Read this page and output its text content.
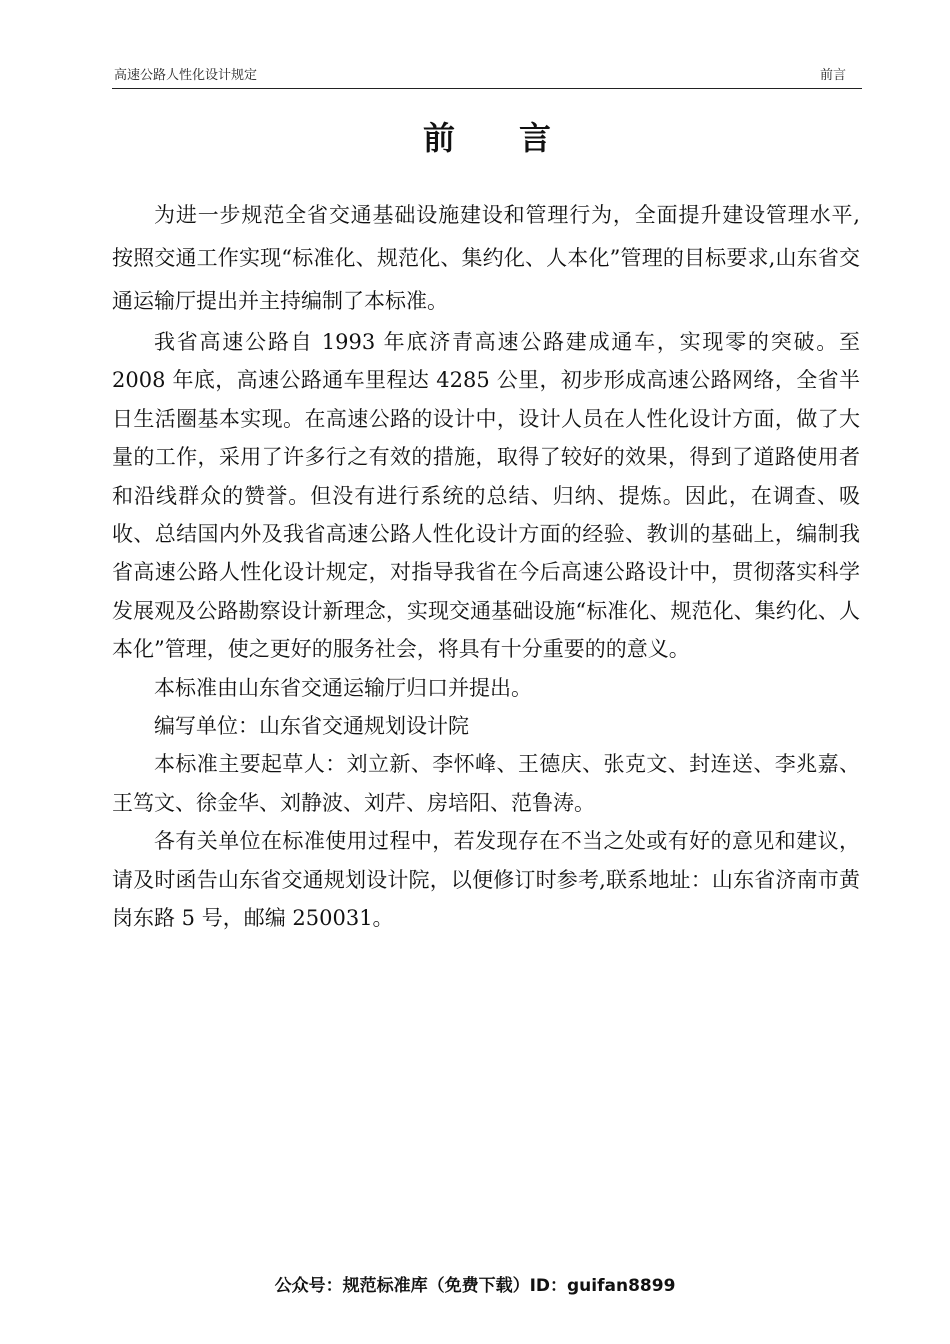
高速公路人性化设计规定	前言
前言

为进一步规范全省交通基础设施建设和管理行为，全面提升建设管理水平, 按照交通工作实现“标准化、规范化、集约化、人本化”管理的目标要求,山东省交通运输厅提出并主持编制了本标准。

我省高速公路自 1993 年底济青高速公路建成通车，实现零的突破。至 2008 年底，高速公路通车里程达 4285 公里，初步形成高速公路网络，全省半日生活圈基本实现。在高速公路的设计中，设计人员在人性化设计方面，做了大量的工作，采用了许多行之有效的措施，取得了较好的效果，得到了道路使用者和沿线群众的赞誉。但没有进行系统的总结、归纳、提炼。因此，在调查、吸收、总结国内外及我省高速公路人性化设计方面的经验、教训的基础上，编制我省高速公路人性化设计规定，对指导我省在今后高速公路设计中，贯彻落实科学发展观及公路勘察设计新理念，实现交通基础设施“标准化、规范化、集约化、人本化”管理，使之更好的服务社会，将具有十分重要的的意义。

本标准由山东省交通运输厅归口并提出。

编写单位：山东省交通规划设计院

本标准主要起草人：刘立新、李怀峰、王德庆、张克文、封连送、李兆嘉、王笃文、徐金华、刘静波、刘芹、房培阳、范鲁涛。

各有关单位在标准使用过程中，若发现存在不当之处或有好的意见和建议，请及时函告山东省交通规划设计院，以便修订时参考,联系地址：山东省济南市黄岗东路 5 号，邮编 250031。

公众号：规范标准库（免费下载）ID：guifan8899
